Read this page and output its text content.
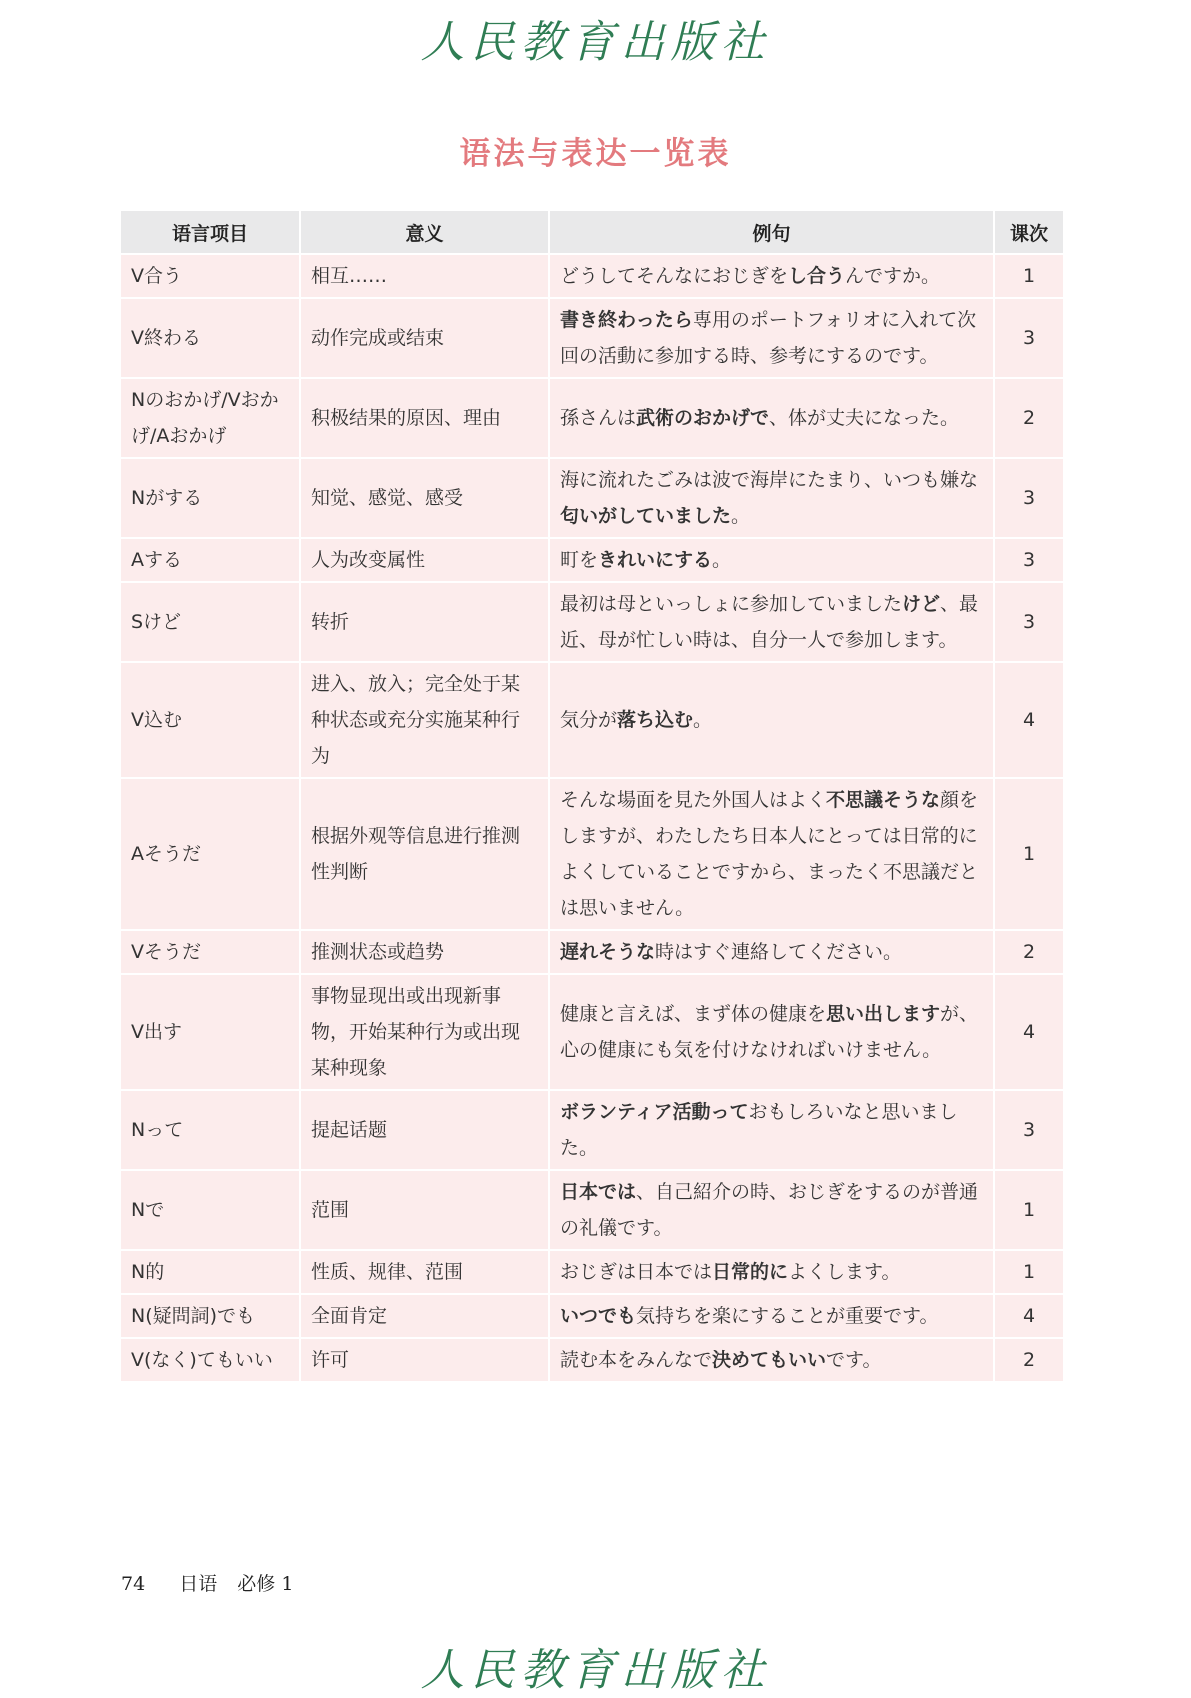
人民教育出版社
语法与表达一览表
语言项目	意义	例句	课次
V合う	相互……	どうしてそんなにおじぎをし合うんですか。	1
V終わる	动作完成或结束	書き終わったら専用のポートフォリオに入れて次回の活動に参加する時、参考にするのです。	3
Nのおかげ/Vおかげ/Aおかげ	积极结果的原因、理由	孫さんは武術のおかげで、体が丈夫になった。	2
Nがする	知觉、感觉、感受	海に流れたごみは波で海岸にたまり、いつも嫌な匂いがしていました。	3
Aする	人为改变属性	町をきれいにする。	3
Sけど	转折	最初は母といっしょに参加していましたけど、最近、母が忙しい時は、自分一人で参加します。	3
V込む	进入、放入；完全处于某种状态或充分实施某种行为	気分が落ち込む。	4
Aそうだ	根据外观等信息进行推测性判断	そんな場面を見た外国人はよく不思議そうな顔をしますが、わたしたち日本人にとっては日常的によくしていることですから、まったく不思議だとは思いません。	1
Vそうだ	推测状态或趋势	遅れそうな時はすぐ連絡してください。	2
V出す	事物显现出或出现新事物，开始某种行为或出现某种现象	健康と言えば、まず体の健康を思い出しますが、心の健康にも気を付けなければいけません。	4
Nって	提起话题	ボランティア活動っておもしろいなと思いました。	3
Nで	范围	日本では、自己紹介の時、おじぎをするのが普通の礼儀です。	1
N的	性质、规律、范围	おじぎは日本では日常的によくします。	1
N(疑問詞)でも	全面肯定	いつでも気持ちを楽にすることが重要です。	4
V(なく)てもいい	许可	読む本をみんなで決めてもいいです。	2
74 日语 必修 1
人民教育出版社
